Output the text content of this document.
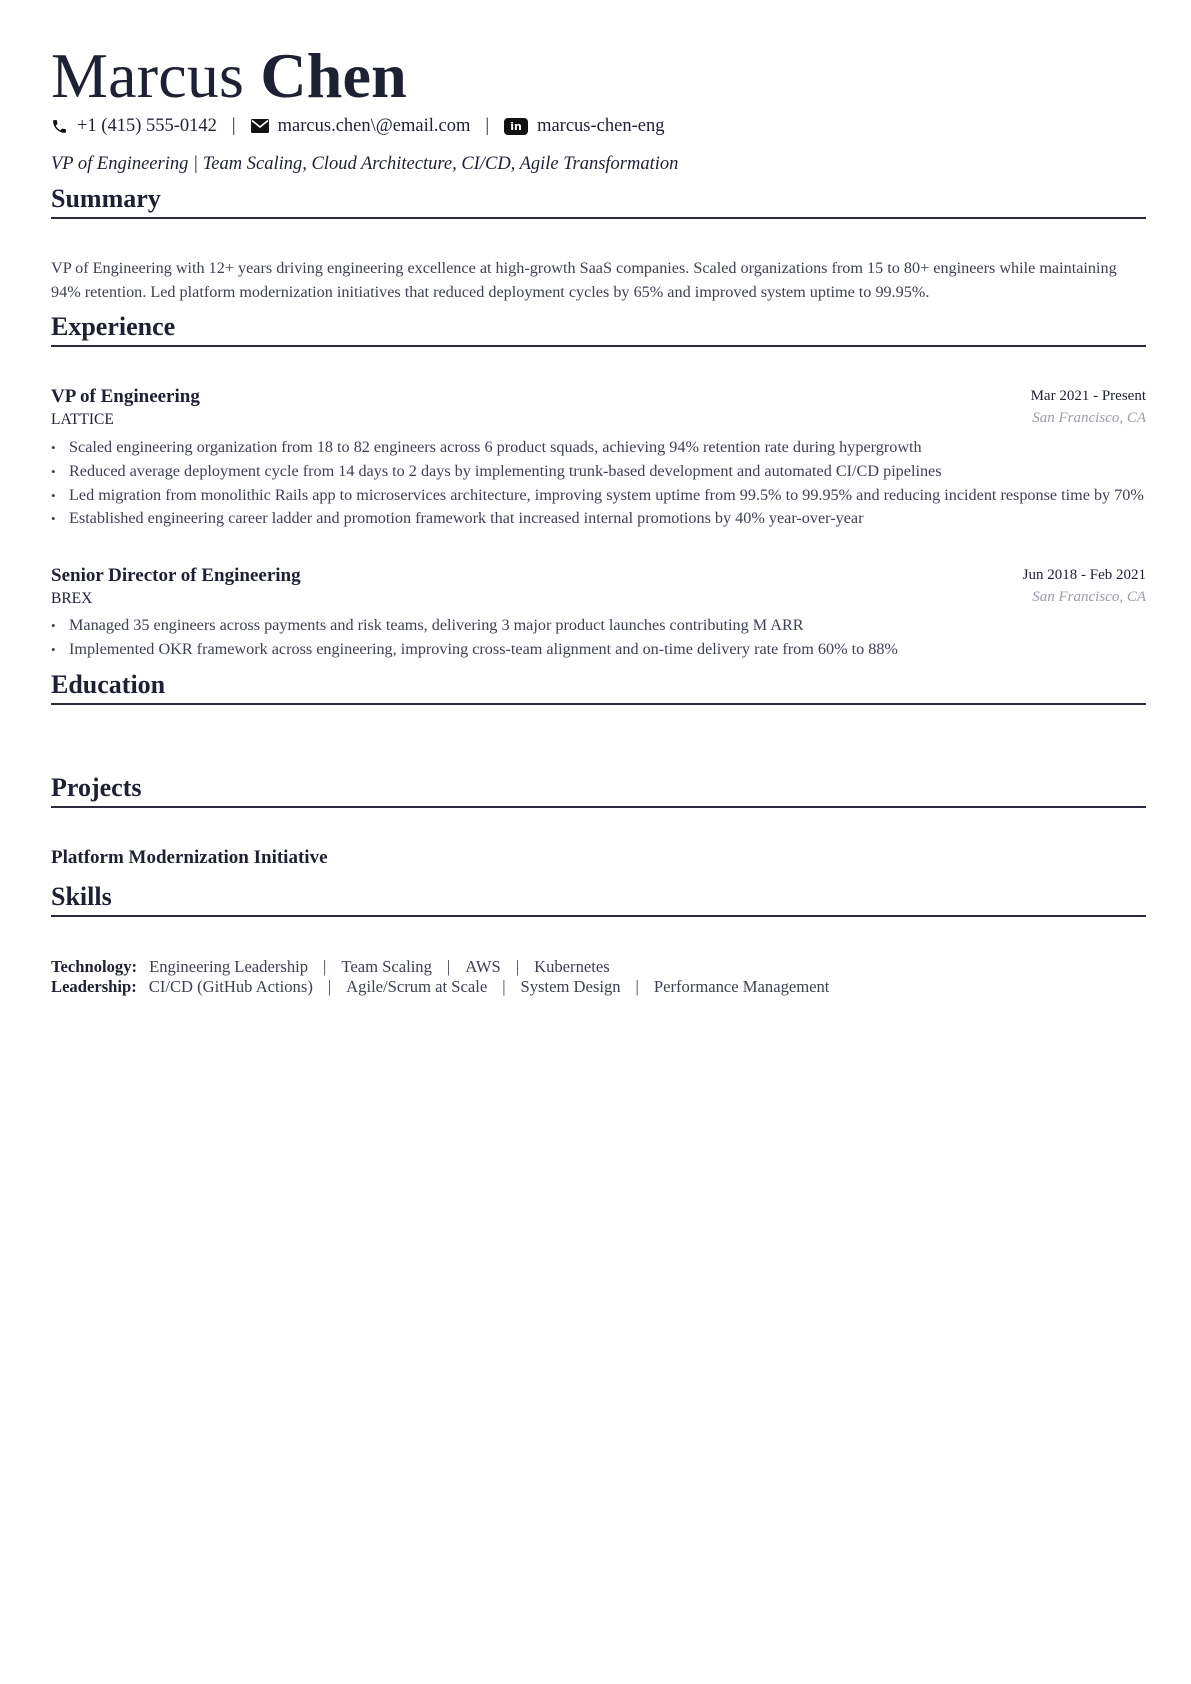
Marcus Chen
+1 (415) 555-0142 | marcus.chen\@email.com |	in marcus-chen-eng
VP of Engineering | Team Scaling, Cloud Architecture, CI/CD, Agile Transformation
Summary
VP of Engineering with 12+ years driving engineering excellence at high-growth SaaS companies. Scaled organizations from 15 to 80+ engineers while maintaining 94% retention. Led platform modernization initiatives that reduced deployment cycles by 65% and improved system uptime to 99.95%.
Experience
VP of Engineering	Mar 2021 - Present
LATTICE	San Francisco, CA
• Scaled engineering organization from 18 to 82 engineers across 6 product squads, achieving 94% retention rate during hypergrowth
• Reduced average deployment cycle from 14 days to 2 days by implementing trunk-based development and automated CI/CD pipelines
• Led migration from monolithic Rails app to microservices architecture, improving system uptime from 99.5% to 99.95% and reducing incident response time by 70%
• Established engineering career ladder and promotion framework that increased internal promotions by 40% year-over-year
Senior Director of Engineering	Jun 2018 - Feb 2021
BREX	San Francisco, CA
• Managed 35 engineers across payments and risk teams, delivering 3 major product launches contributing M ARR
• Implemented OKR framework across engineering, improving cross-team alignment and on-time delivery rate from 60% to 88%
Education
Projects
Platform Modernization Initiative
Skills
Technology: Engineering Leadership | Team Scaling | AWS | Kubernetes
Leadership: CI/CD (GitHub Actions) | Agile/Scrum at Scale | System Design | Performance Management
